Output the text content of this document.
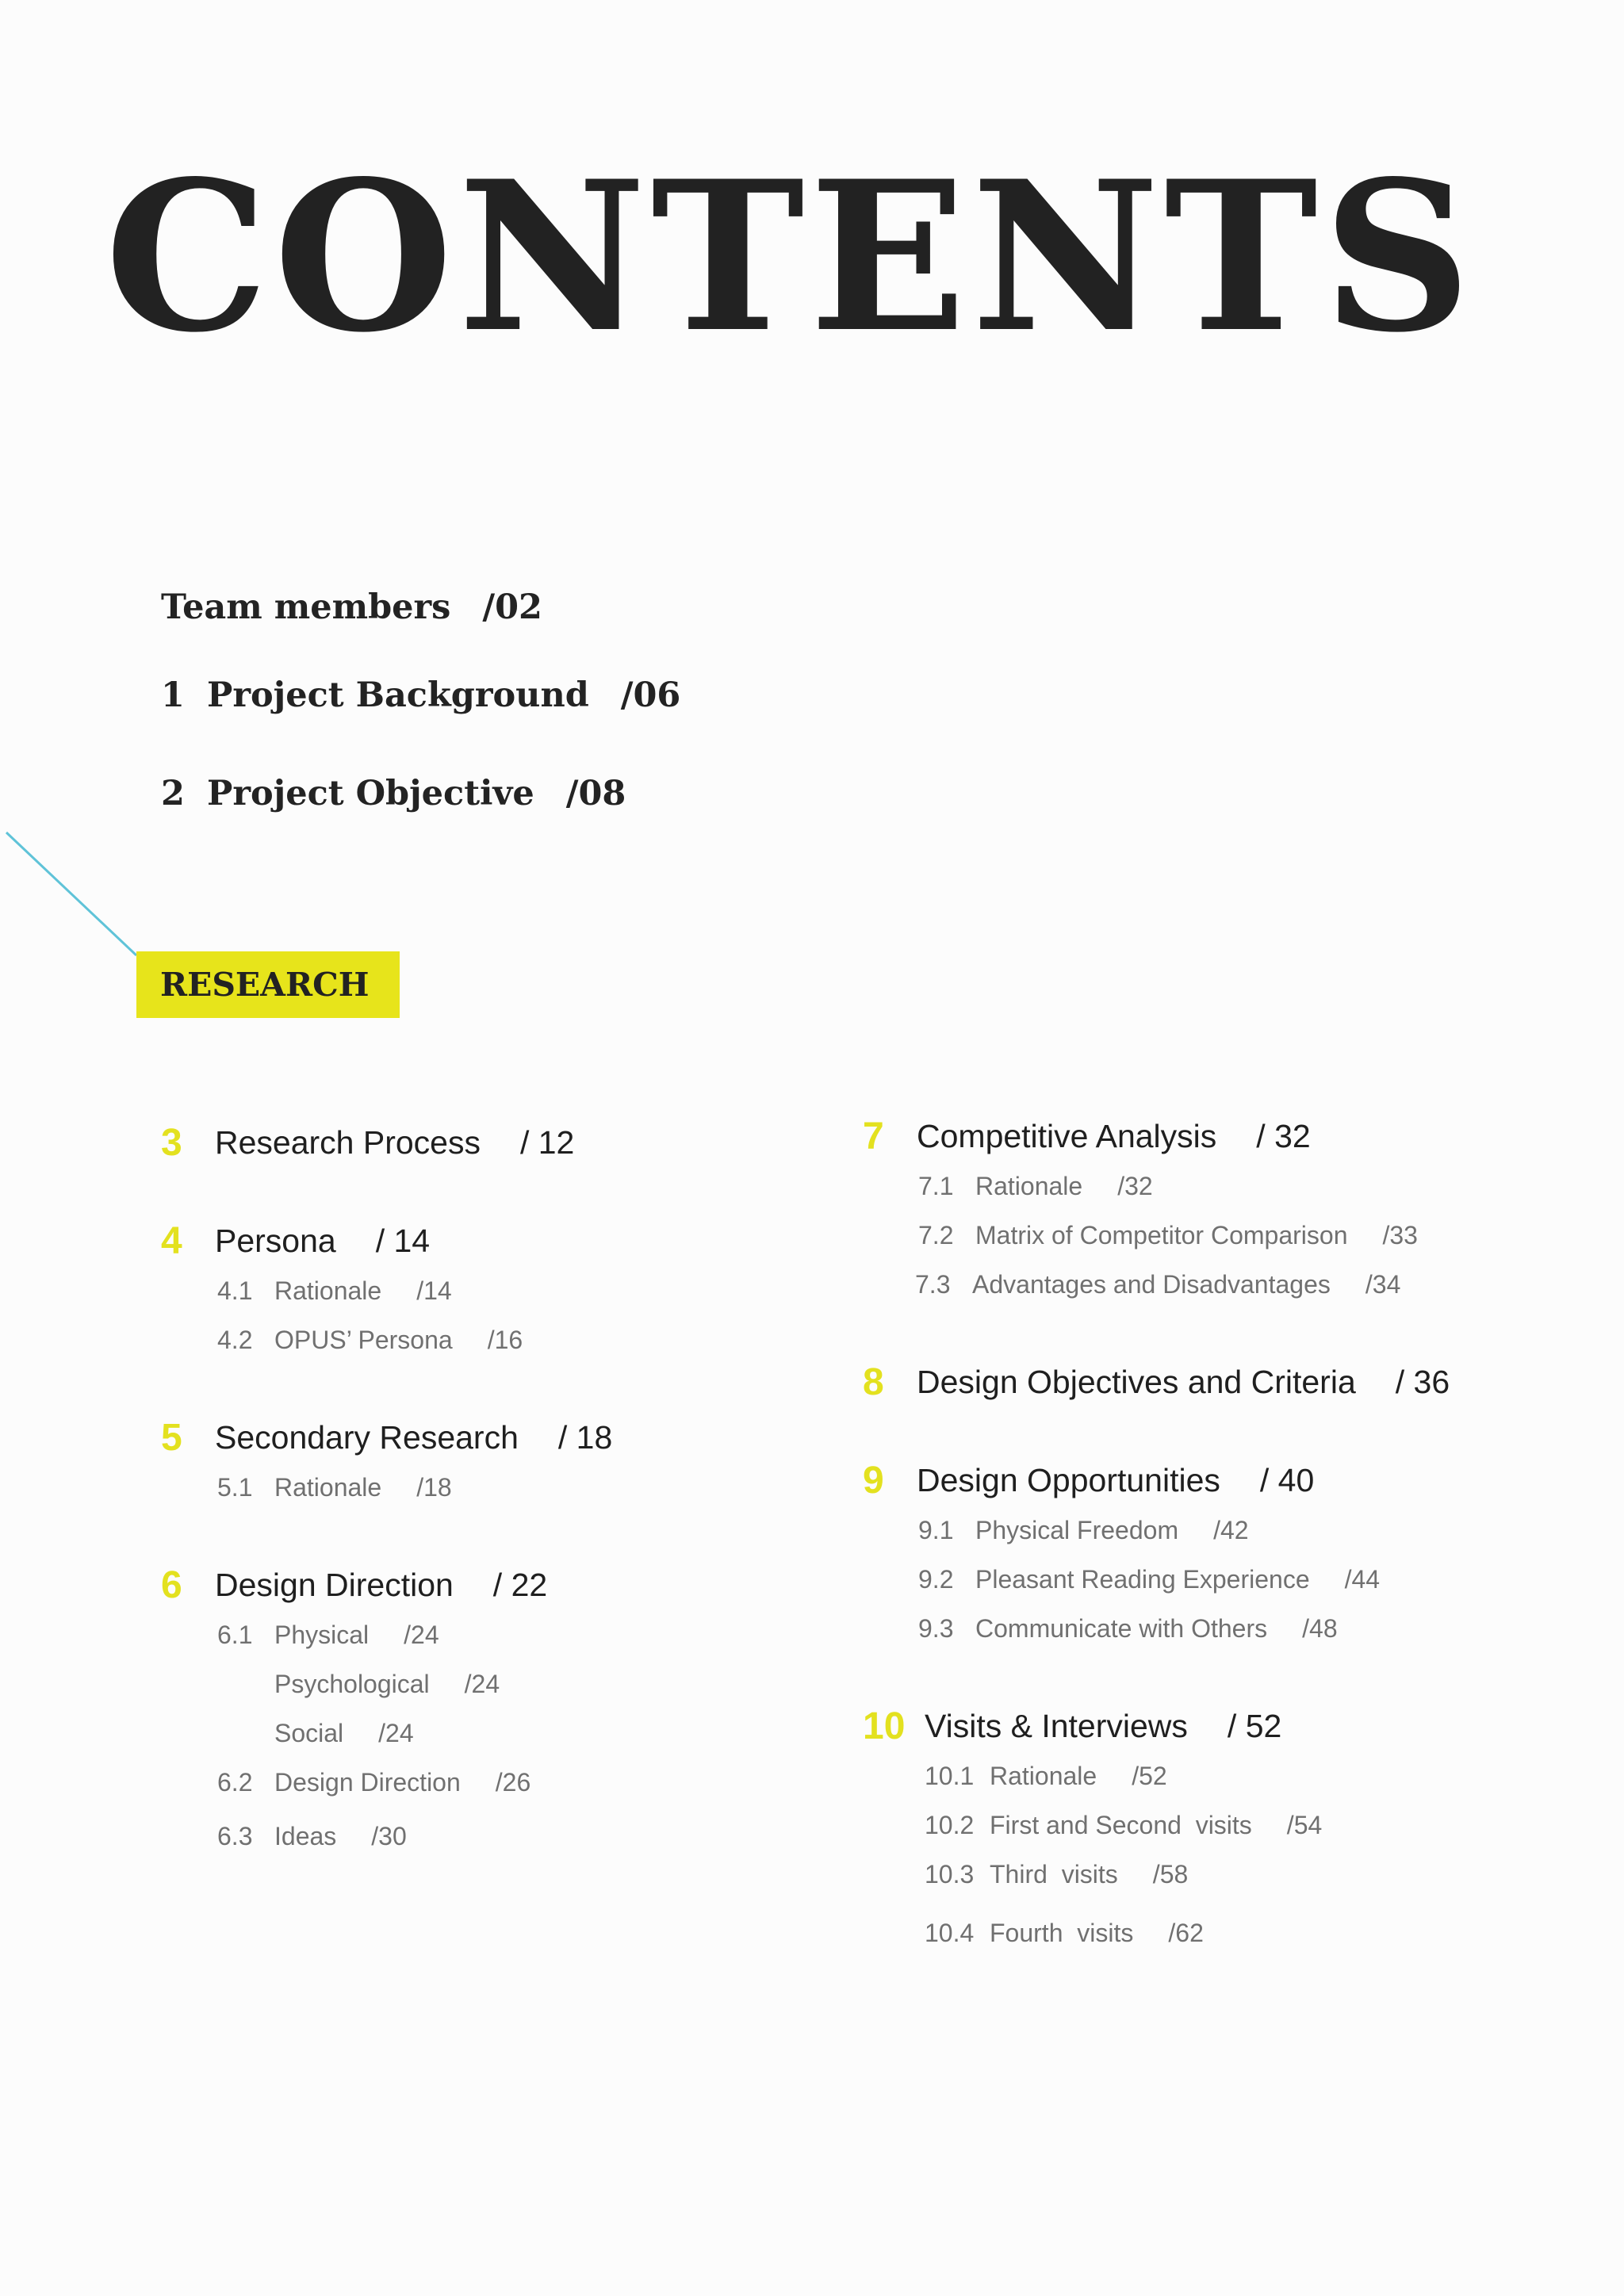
CONTENTS
Team members /02
1 Project Background /06
2 Project Objective /08
RESEARCH
3 Research Process / 12
4 Persona / 14
4.1 Rationale /14
4.2 OPUS’ Persona /16
5 Secondary Research / 18
5.1 Rationale /18
6 Design Direction / 22
6.1 Physical /24
Psychological /24
Social /24
6.2 Design Direction /26
6.3 Ideas /30
7 Competitive Analysis / 32
7.1 Rationale /32
7.2 Matrix of Competitor Comparison /33
7.3 Advantages and Disadvantages /34
8 Design Objectives and Criteria / 36
9 Design Opportunities / 40
9.1 Physical Freedom /42
9.2 Pleasant Reading Experience /44
9.3 Communicate with Others /48
10 Visits & Interviews / 52
10.1 Rationale /52
10.2 First and Second  visits /54
10.3 Third  visits /58
10.4 Fourth  visits /62
